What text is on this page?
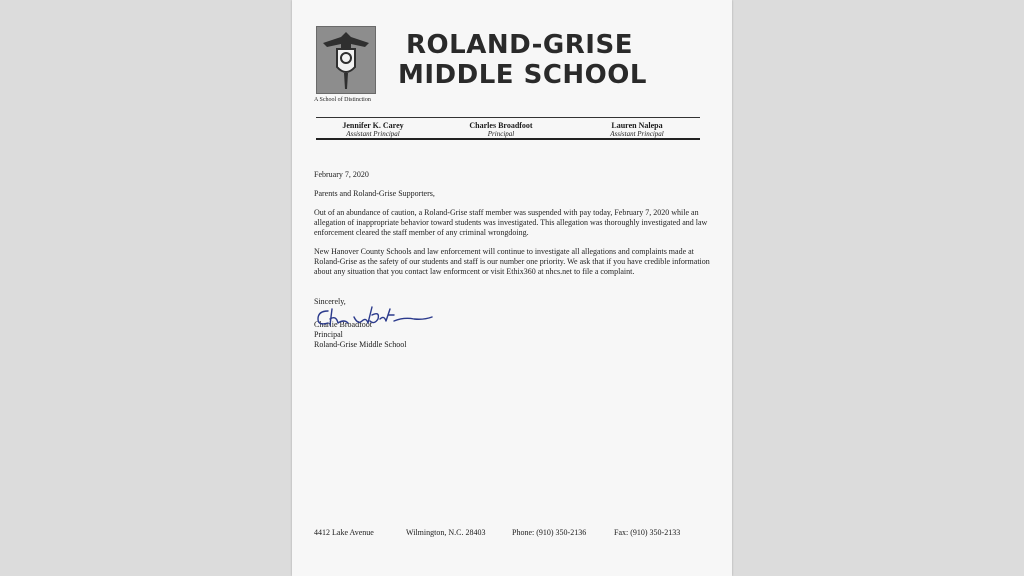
A School of Distinction
ROLAND-GRISE
MIDDLE SCHOOL
Jennifer K. Carey
Assistant Principal
Charles Broadfoot
Principal
Lauren Nalepa
Assistant Principal

February 7, 2020

Parents and Roland-Grise Supporters,

Out of an abundance of caution, a Roland-Grise staff member was suspended with pay today, February 7, 2020 while an allegation of inappropriate behavior toward students was investigated. This allegation was thoroughly investigated and law enforcement cleared the staff member of any criminal wrongdoing.

New Hanover County Schools and law enforcement will continue to investigate all allegations and complaints made at Roland-Grise as the safety of our students and staff is our number one priority. We ask that if you have credible information about any situation that you contact law enformcent or visit Ethix360 at nhcs.net to file a complaint.

Sincerely,
Charlie Broadfoot
Principal
Roland-Grise Middle School
4412 Lake Avenue	Wilmington, N.C. 28403	Phone: (910) 350-2136	Fax: (910) 350-2133
